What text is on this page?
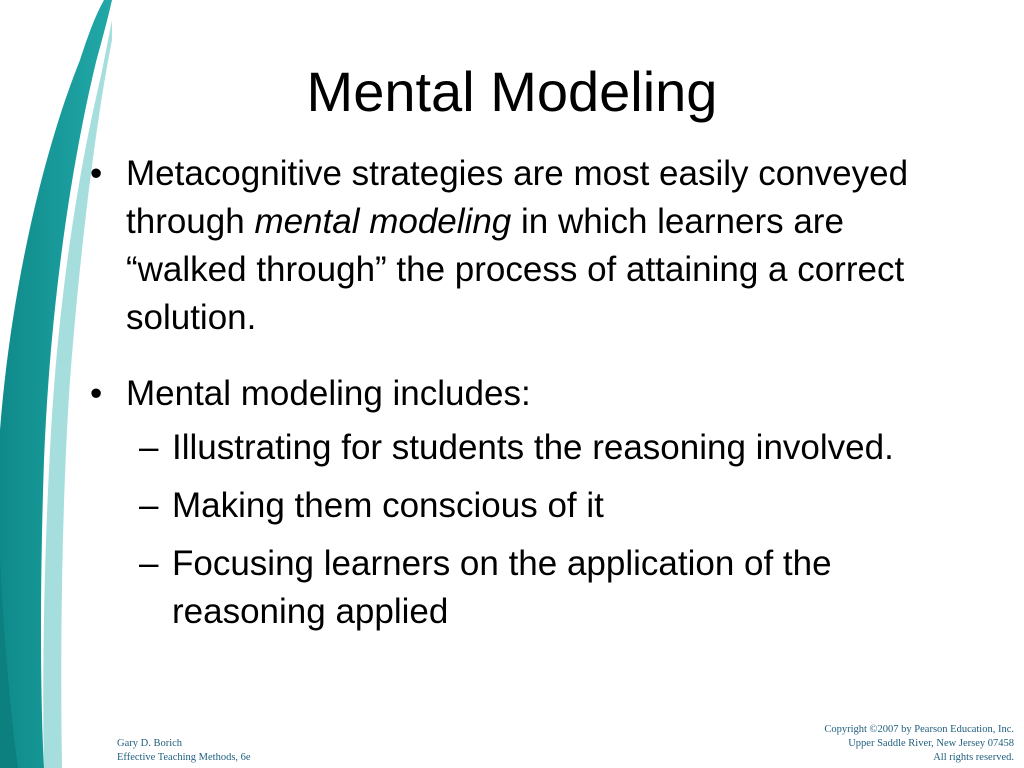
Mental Modeling

• Metacognitive strategies are most easily conveyed through mental modeling in which learners are “walked through” the process of attaining a correct solution.

• Mental modeling includes:

– Illustrating for students the reasoning involved.
– Making them conscious of it
– Focusing learners on the application of the reasoning applied
Gary D. Borich
Effective Teaching Methods, 6e
Copyright ©2007 by Pearson Education, Inc.
Upper Saddle River, New Jersey 07458
All rights reserved.
